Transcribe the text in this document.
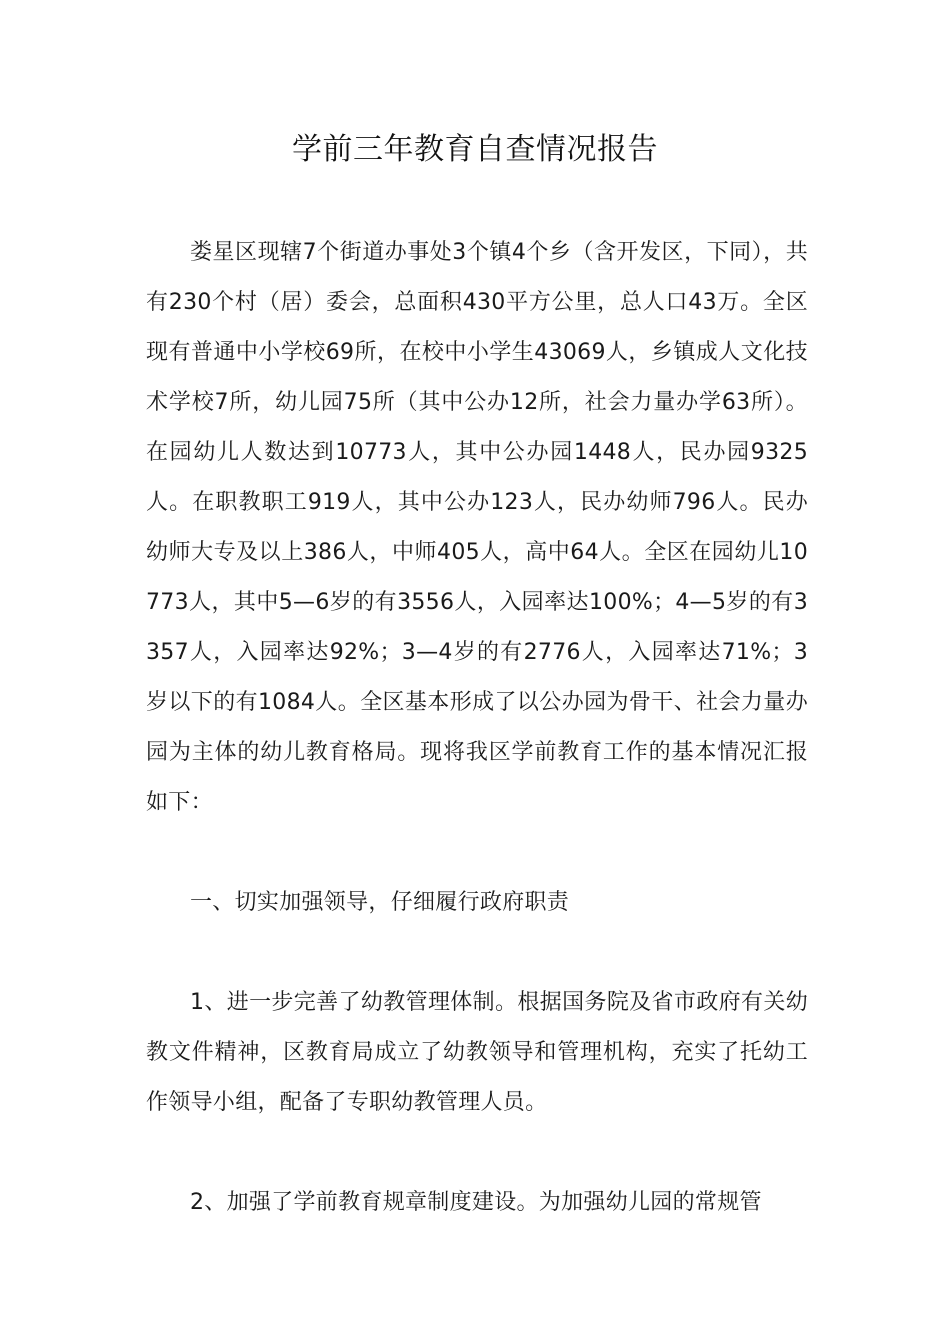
学前三年教育自查情况报告

娄星区现辖7个街道办事处3个镇4个乡（含开发区，下同），共有230个村（居）委会，总面积430平方公里，总人口43万。全区现有普通中小学校69所，在校中小学生43069人，乡镇成人文化技术学校7所，幼儿园75所（其中公办12所，社会力量办学63所）。在园幼儿人数达到10773人，其中公办园1448人，民办园9325人。在职教职工919人，其中公办123人，民办幼师796人。民办幼师大专及以上386人，中师405人，高中64人。全区在园幼儿10773人，其中5—6岁的有3556人，入园率达100%；4—5岁的有3357人，入园率达92%；3—4岁的有2776人，入园率达71%；3岁以下的有1084人。全区基本形成了以公办园为骨干、社会力量办园为主体的幼儿教育格局。现将我区学前教育工作的基本情况汇报如下：

一、切实加强领导，仔细履行政府职责

1、进一步完善了幼教管理体制。根据国务院及省市政府有关幼教文件精神，区教育局成立了幼教领导和管理机构，充实了托幼工作领导小组，配备了专职幼教管理人员。

2、加强了学前教育规章制度建设。为加强幼儿园的常规管
